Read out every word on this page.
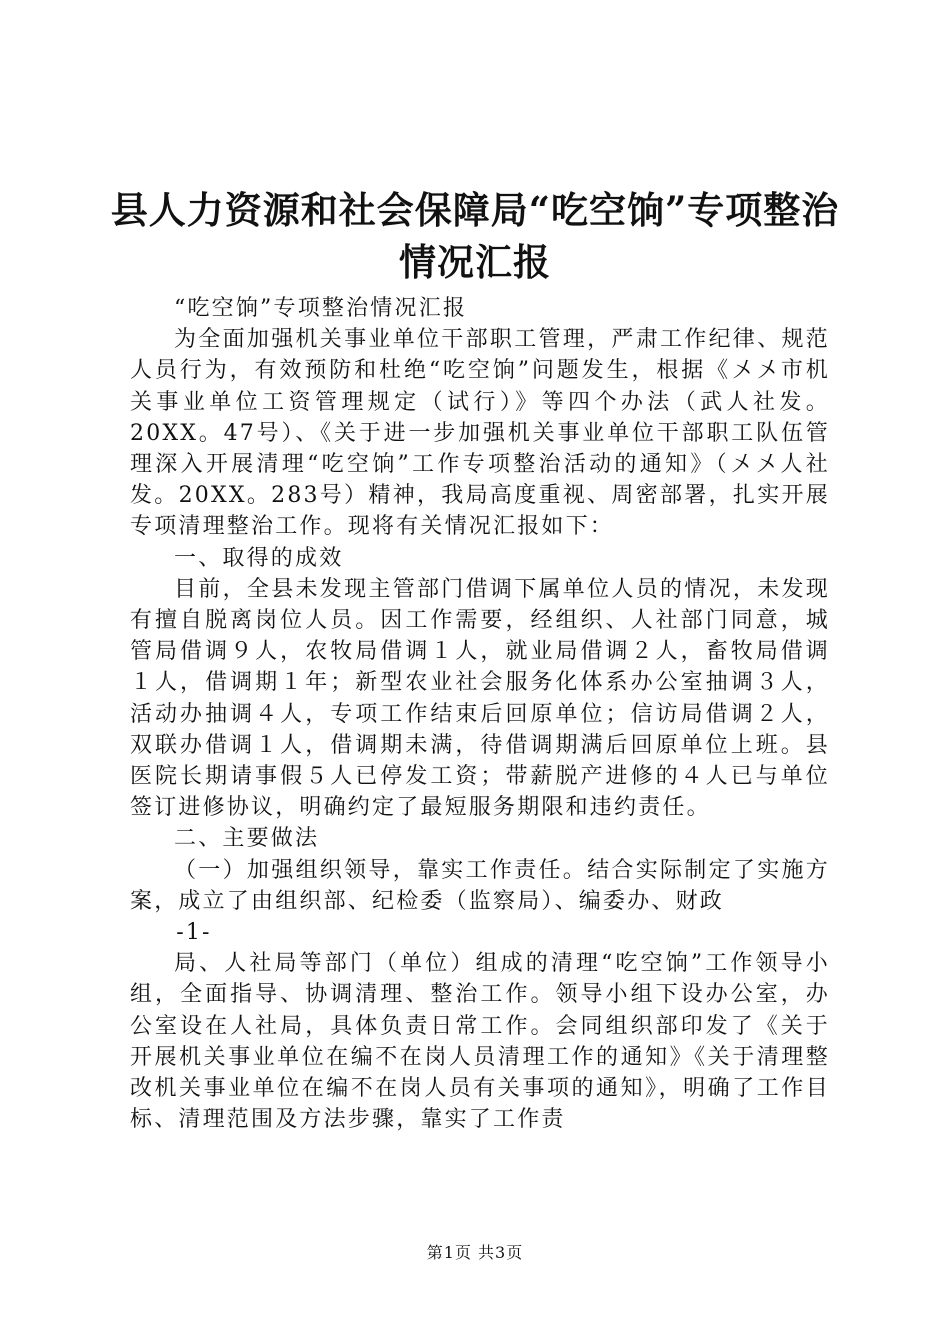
县人力资源和社会保障局“吃空饷”专项整治
情况汇报

“吃空饷”专项整治情况汇报

为全面加强机关事业单位干部职工管理，严肃工作纪律、规范人员行为，有效预防和杜绝“吃空饷”问题发生，根据《〤〤市机关事业单位工资管理规定（试行）》等四个办法（武人社发。20XX。47号）、《关于进一步加强机关事业单位干部职工队伍管理深入开展清理“吃空饷”工作专项整治活动的通知》（〤〤人社发。20XX。283号）精神，我局高度重视、周密部署，扎实开展专项清理整治工作。现将有关情况汇报如下：

一、取得的成效

目前，全县未发现主管部门借调下属单位人员的情况，未发现有擅自脱离岗位人员。因工作需要，经组织、人社部门同意，城管局借调９人，农牧局借调１人，就业局借调２人，畜牧局借调１人，借调期１年；新型农业社会服务化体系办公室抽调３人，活动办抽调４人，专项工作结束后回原单位；信访局借调２人，双联办借调１人，借调期未满，待借调期满后回原单位上班。县医院长期请事假５人已停发工资；带薪脱产进修的４人已与单位签订进修协议，明确约定了最短服务期限和违约责任。

二、主要做法

（一）加强组织领导，靠实工作责任。结合实际制定了实施方案，成立了由组织部、纪检委（监察局）、编委办、财政

-1-

局、人社局等部门（单位）组成的清理“吃空饷”工作领导小组，全面指导、协调清理、整治工作。领导小组下设办公室，办公室设在人社局，具体负责日常工作。会同组织部印发了《关于开展机关事业单位在编不在岗人员清理工作的通知》《关于清理整改机关事业单位在编不在岗人员有关事项的通知》，明确了工作目标、清理范围及方法步骤，靠实了工作责

第1页 共3页
